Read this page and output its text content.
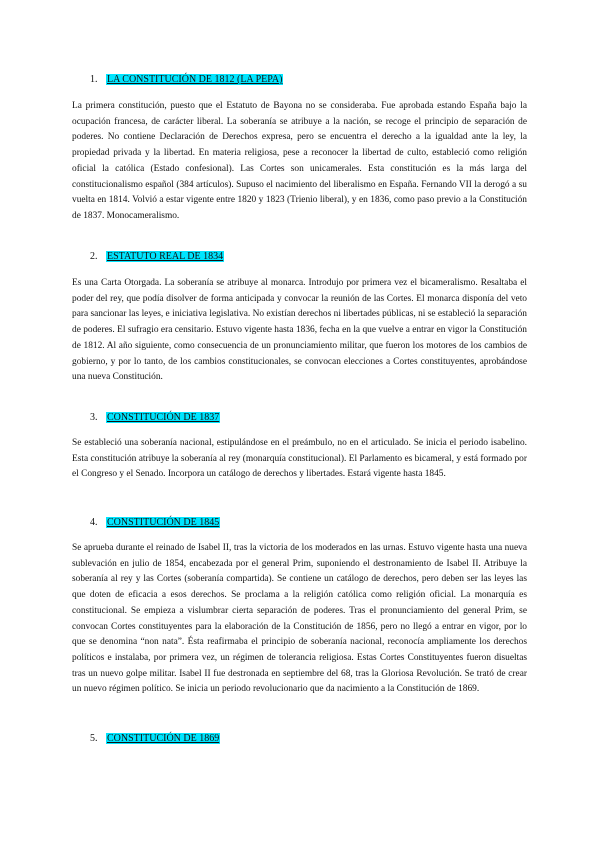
1. LA CONSTITUCIÓN DE 1812 (LA PEPA)

La primera constitución, puesto que el Estatuto de Bayona no se consideraba. Fue aprobada estando España bajo la ocupación francesa, de carácter liberal. La soberanía se atribuye a la nación, se recoge el principio de separación de poderes. No contiene Declaración de Derechos expresa, pero se encuentra el derecho a la igualdad ante la ley, la propiedad privada y la libertad. En materia religiosa, pese a reconocer la libertad de culto, estableció como religión oficial la católica (Estado confesional). Las Cortes son unicamerales. Esta constitución es la más larga del constitucionalismo español (384 artículos). Supuso el nacimiento del liberalismo en España. Fernando VII la derogó a su vuelta en 1814. Volvió a estar vigente entre 1820 y 1823 (Trienio liberal), y en 1836, como paso previo a la Constitución de 1837. Monocameralismo.

2. ESTATUTO REAL DE 1834

Es una Carta Otorgada. La soberanía se atribuye al monarca. Introdujo por primera vez el bicameralismo. Resaltaba el poder del rey, que podía disolver de forma anticipada y convocar la reunión de las Cortes. El monarca disponía del veto para sancionar las leyes, e iniciativa legislativa. No existían derechos ni libertades públicas, ni se estableció la separación de poderes. El sufragio era censitario. Estuvo vigente hasta 1836, fecha en la que vuelve a entrar en vigor la Constitución de 1812. Al año siguiente, como consecuencia de un pronunciamiento militar, que fueron los motores de los cambios de gobierno, y por lo tanto, de los cambios constitucionales, se convocan elecciones a Cortes constituyentes, aprobándose una nueva Constitución.

3. CONSTITUCIÓN DE 1837

Se estableció una soberanía nacional, estipulándose en el preámbulo, no en el articulado. Se inicia el periodo isabelino. Esta constitución atribuye la soberanía al rey (monarquía constitucional). El Parlamento es bicameral, y está formado por el Congreso y el Senado. Incorpora un catálogo de derechos y libertades. Estará vigente hasta 1845.

4. CONSTITUCIÓN DE 1845

Se aprueba durante el reinado de Isabel II, tras la victoria de los moderados en las urnas. Estuvo vigente hasta una nueva sublevación en julio de 1854, encabezada por el general Prim, suponiendo el destronamiento de Isabel II. Atribuye la soberanía al rey y las Cortes (soberanía compartida). Se contiene un catálogo de derechos, pero deben ser las leyes las que doten de eficacia a esos derechos. Se proclama a la religión católica como religión oficial. La monarquía es constitucional. Se empieza a vislumbrar cierta separación de poderes. Tras el pronunciamiento del general Prim, se convocan Cortes constituyentes para la elaboración de la Constitución de 1856, pero no llegó a entrar en vigor, por lo que se denomina “non nata”. Ésta reafirmaba el principio de soberanía nacional, reconocía ampliamente los derechos políticos e instalaba, por primera vez, un régimen de tolerancia religiosa. Estas Cortes Constituyentes fueron disueltas tras un nuevo golpe militar. Isabel II fue destronada en septiembre del 68, tras la Gloriosa Revolución. Se trató de crear un nuevo régimen político. Se inicia un periodo revolucionario que da nacimiento a la Constitución de 1869.

5. CONSTITUCIÓN DE 1869
